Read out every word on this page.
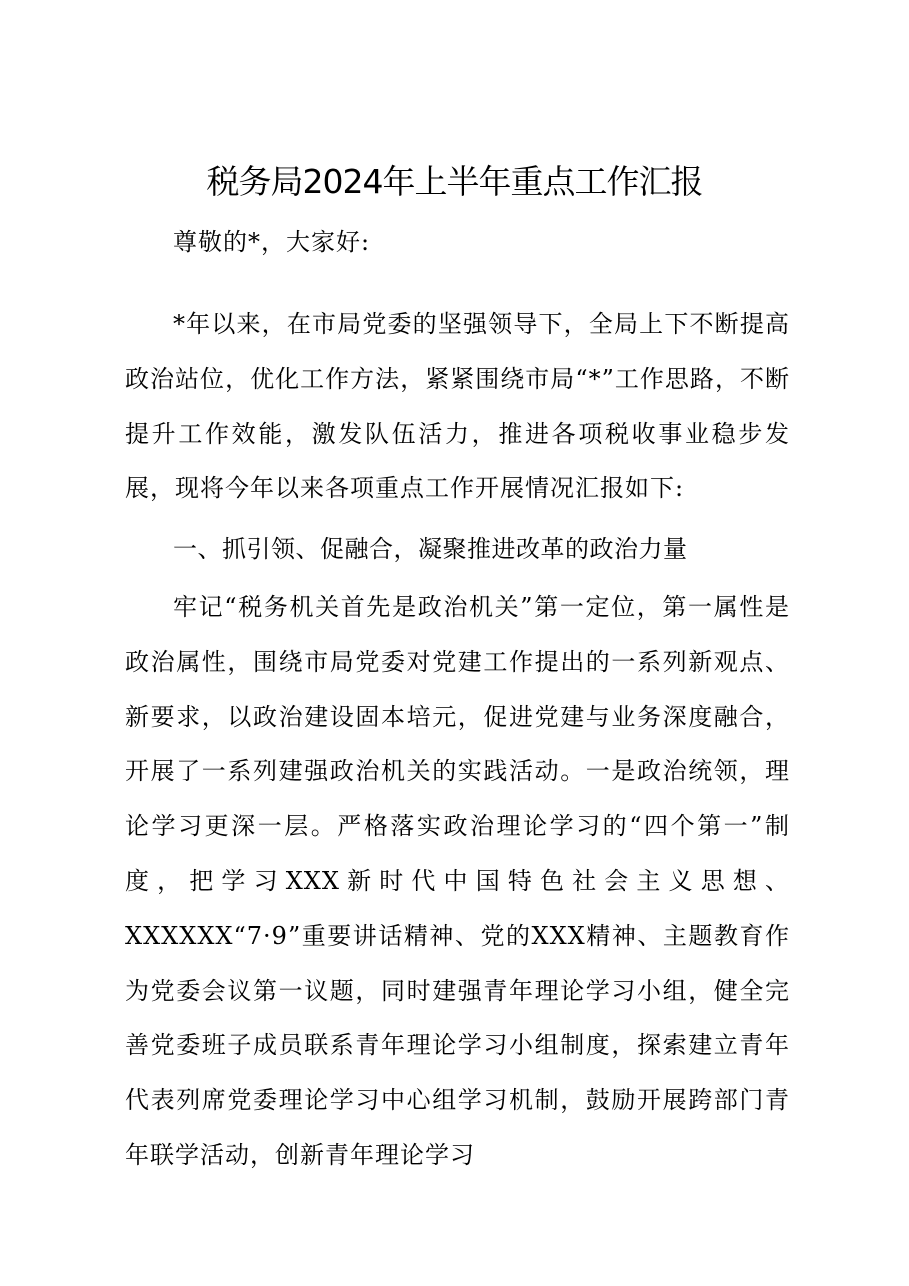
税务局2024年上半年重点工作汇报

尊敬的*，大家好:

*年以来，在市局党委的坚强领导下，全局上下不断提高政治站位，优化工作方法，紧紧围绕市局“*”工作思路，不断提升工作效能，激发队伍活力，推进各项税收事业稳步发展，现将今年以来各项重点工作开展情况汇报如下:

一、抓引领、促融合，凝聚推进改革的政治力量

牢记“税务机关首先是政治机关”第一定位，第一属性是政治属性，围绕市局党委对党建工作提出的一系列新观点、新要求，以政治建设固本培元，促进党建与业务深度融合，开展了一系列建强政治机关的实践活动。一是政治统领，理论学习更深一层。严格落实政治理论学习的“四个第一”制度，把学习XXX新时代中国特色社会主义思想、XXXXXX“7·9”重要讲话精神、党的XXX精神、主题教育作为党委会议第一议题，同时建强青年理论学习小组，健全完善党委班子成员联系青年理论学习小组制度，探索建立青年代表列席党委理论学习中心组学习机制，鼓励开展跨部门青年联学活动，创新青年理论学习
